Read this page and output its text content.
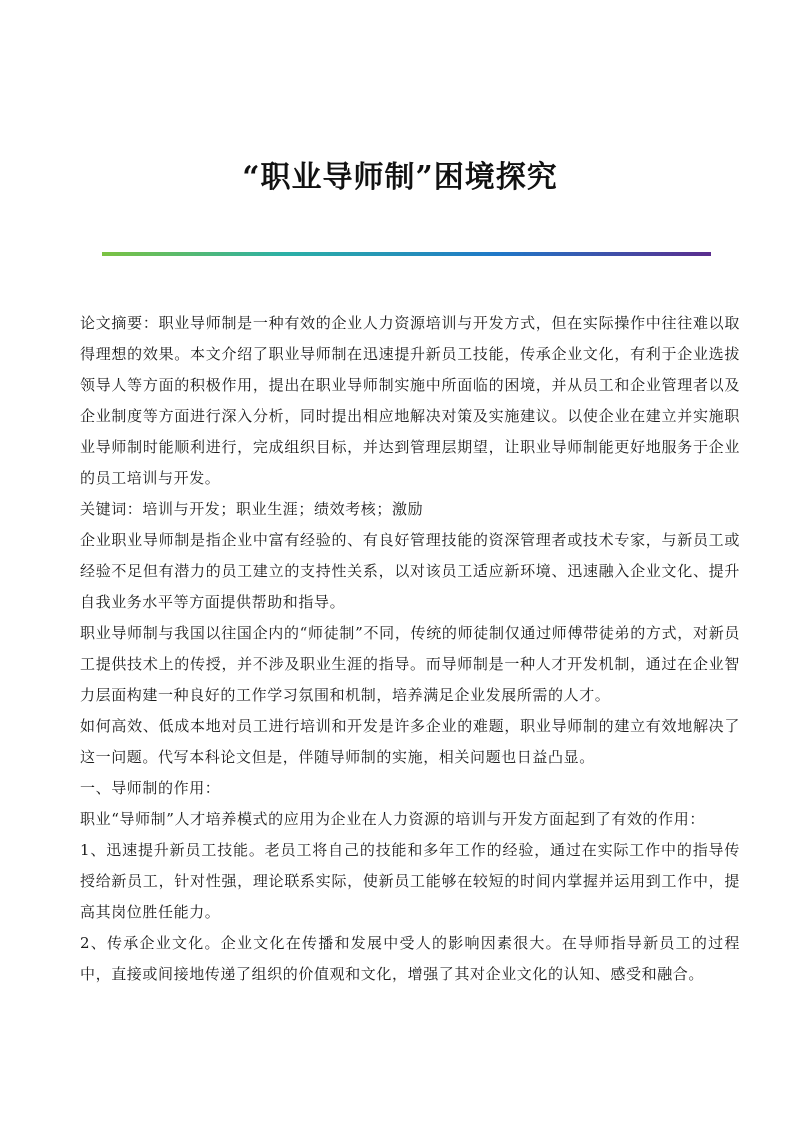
“职业导师制”困境探究

论文摘要：职业导师制是一种有效的企业人力资源培训与开发方式，但在实际操作中往往难以取得理想的效果。本文介绍了职业导师制在迅速提升新员工技能，传承企业文化，有利于企业选拔领导人等方面的积极作用，提出在职业导师制实施中所面临的困境，并从员工和企业管理者以及企业制度等方面进行深入分析，同时提出相应地解决对策及实施建议。以使企业在建立并实施职业导师制时能顺利进行，完成组织目标，并达到管理层期望，让职业导师制能更好地服务于企业的员工培训与开发。

关键词：培训与开发；职业生涯；绩效考核；激励

企业职业导师制是指企业中富有经验的、有良好管理技能的资深管理者或技术专家，与新员工或经验不足但有潜力的员工建立的支持性关系，以对该员工适应新环境、迅速融入企业文化、提升自我业务水平等方面提供帮助和指导。

职业导师制与我国以往国企内的“师徒制”不同，传统的师徒制仅通过师傅带徒弟的方式，对新员工提供技术上的传授，并不涉及职业生涯的指导。而导师制是一种人才开发机制，通过在企业智力层面构建一种良好的工作学习氛围和机制，培养满足企业发展所需的人才。

如何高效、低成本地对员工进行培训和开发是许多企业的难题，职业导师制的建立有效地解决了这一问题。代写本科论文但是，伴随导师制的实施，相关问题也日益凸显。

一、导师制的作用：

职业“导师制”人才培养模式的应用为企业在人力资源的培训与开发方面起到了有效的作用：

1、迅速提升新员工技能。老员工将自己的技能和多年工作的经验，通过在实际工作中的指导传授给新员工，针对性强，理论联系实际，使新员工能够在较短的时间内掌握并运用到工作中，提高其岗位胜任能力。

2、传承企业文化。企业文化在传播和发展中受人的影响因素很大。在导师指导新员工的过程中，直接或间接地传递了组织的价值观和文化，增强了其对企业文化的认知、感受和融合。
